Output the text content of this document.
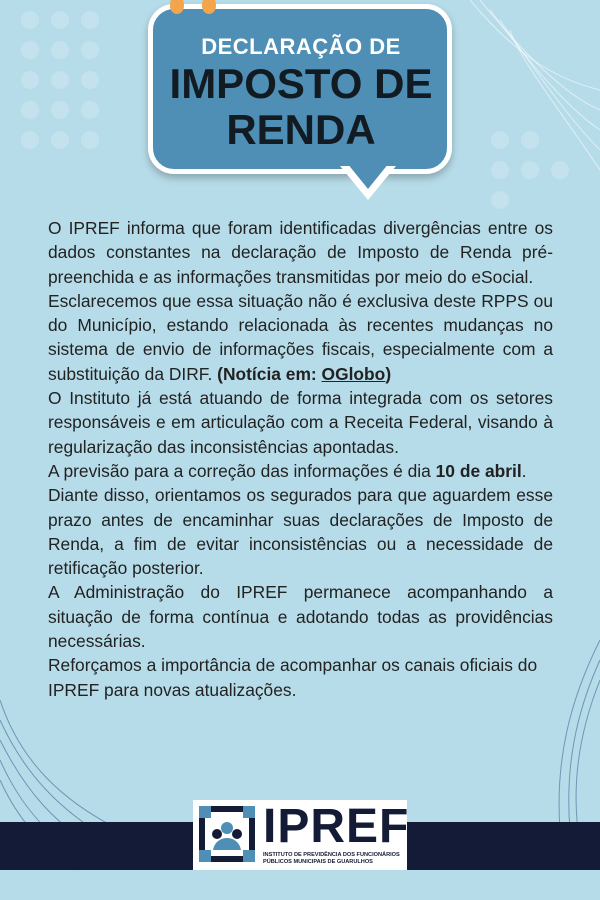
DECLARAÇÃO DE
IMPOSTO DE
RENDA

O IPREF informa que foram identificadas divergências entre os dados constantes na declaração de Imposto de Renda pré-preenchida e as informações transmitidas por meio do eSocial.

Esclarecemos que essa situação não é exclusiva deste RPPS ou do Município, estando relacionada às recentes mudanças no sistema de envio de informações fiscais, especialmente com a substituição da DIRF. (Notícia em: OGlobo)

O Instituto já está atuando de forma integrada com os setores responsáveis e em articulação com a Receita Federal, visando à regularização das inconsistências apontadas.

A previsão para a correção das informações é dia 10 de abril.

Diante disso, orientamos os segurados para que aguardem esse prazo antes de encaminhar suas declarações de Imposto de Renda, a fim de evitar inconsistências ou a necessidade de retificação posterior.

A Administração do IPREF permanece acompanhando a situação de forma contínua e adotando todas as providências necessárias.

Reforçamos a importância de acompanhar os canais oficiais do IPREF para novas atualizações.

IPREF
INSTITUTO DE PREVIDÊNCIA DOS FUNCIONÁRIOS PÚBLICOS MUNICIPAIS DE GUARULHOS
